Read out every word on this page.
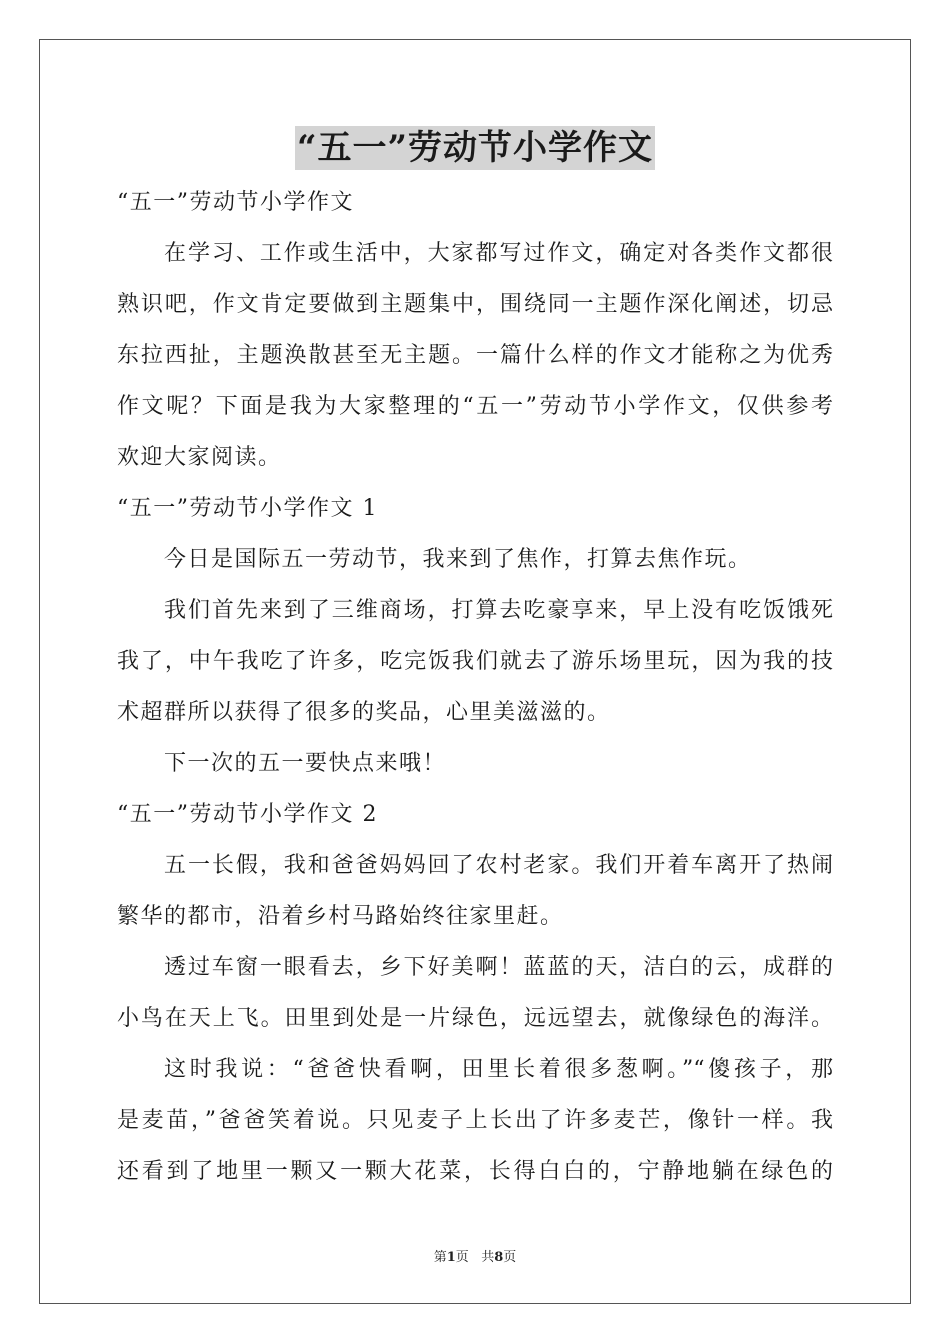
“五一”劳动节小学作文
“五一”劳动节小学作文
在学习、工作或生活中，大家都写过作文，确定对各类作文都很
熟识吧，作文肯定要做到主题集中，围绕同一主题作深化阐述，切忌
东拉西扯，主题涣散甚至无主题。一篇什么样的作文才能称之为优秀
作文呢？下面是我为大家整理的“五一”劳动节小学作文，仅供参考
欢迎大家阅读。
“五一”劳动节小学作文 1
今日是国际五一劳动节，我来到了焦作，打算去焦作玩。
我们首先来到了三维商场，打算去吃豪享来，早上没有吃饭饿死
我了，中午我吃了许多，吃完饭我们就去了游乐场里玩，因为我的技
术超群所以获得了很多的奖品，心里美滋滋的。
下一次的五一要快点来哦！
“五一”劳动节小学作文 2
五一长假，我和爸爸妈妈回了农村老家。我们开着车离开了热闹
繁华的都市，沿着乡村马路始终往家里赶。
透过车窗一眼看去，乡下好美啊！蓝蓝的天，洁白的云，成群的
小鸟在天上飞。田里到处是一片绿色，远远望去，就像绿色的海洋。
这时我说：“爸爸快看啊，田里长着很多葱啊。”“傻孩子，那
是麦苗，”爸爸笑着说。只见麦子上长出了许多麦芒，像针一样。我
还看到了地里一颗又一颗大花菜，长得白白的，宁静地躺在绿色的
第1页 共8页
